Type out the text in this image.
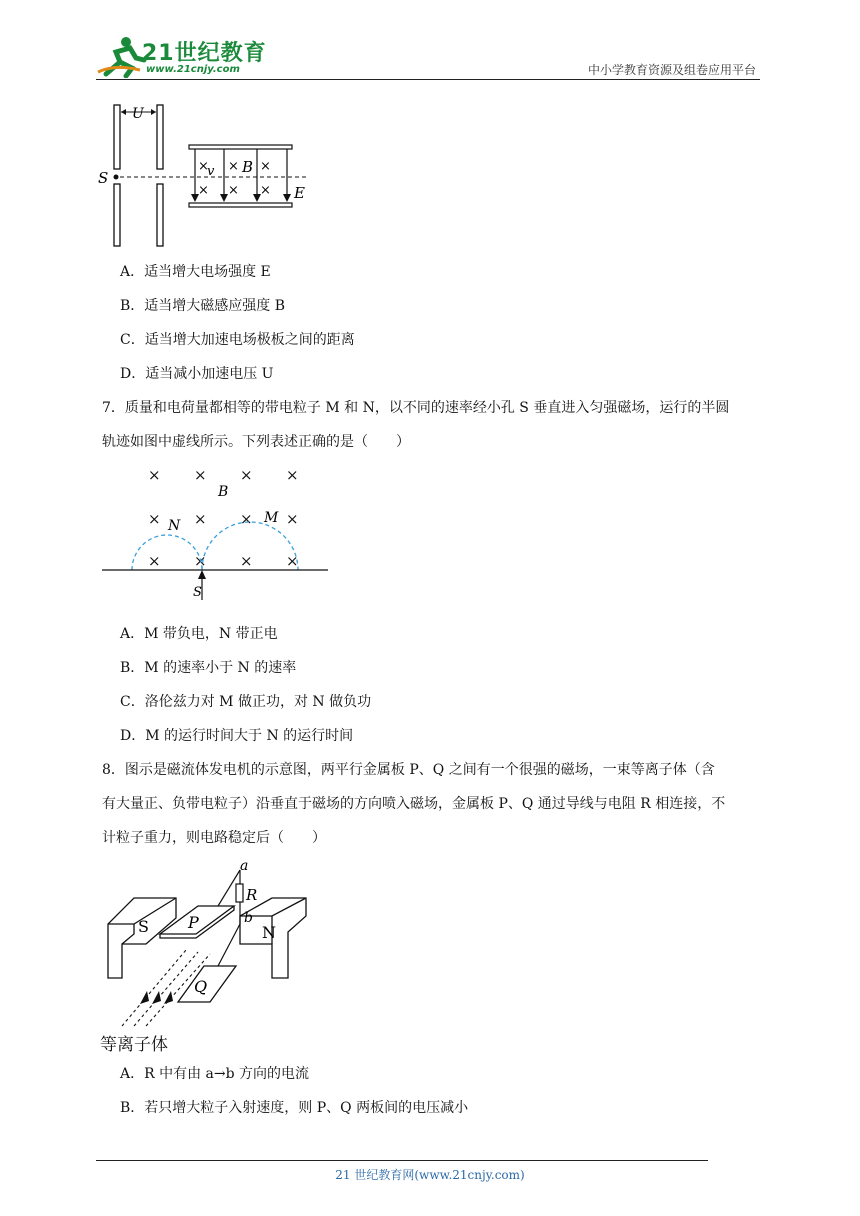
21世纪教育
www.21cnjy.com	中小学教育资源及组卷应用平台
U
S
× × ×
× × ×
v B
E
A．适当增大电场强度 E
B．适当增大磁感应强度 B
C．适当增大加速电场极板之间的距离
D．适当减小加速电压 U
7．质量和电荷量都相等的带电粒子 M 和 N，以不同的速率经小孔 S 垂直进入匀强磁场，运行的半圆
轨迹如图中虚线所示。下列表述正确的是（　　）
× × × ×
× × × ×
× × × ×
B
N	M
S
A．M 带负电，N 带正电
B．M 的速率小于 N 的速率
C．洛伦兹力对 M 做正功，对 N 做负功
D．M 的运行时间大于 N 的运行时间
8．图示是磁流体发电机的示意图，两平行金属板 P、Q 之间有一个很强的磁场，一束等离子体（含
有大量正、负带电粒子）沿垂直于磁场的方向喷入磁场，金属板 P、Q 通过导线与电阻 R 相连接，不
计粒子重力，则电路稳定后（　　）
a
R
b
S P
N
Q
等离子体
A．R 中有由 a→b 方向的电流
B．若只增大粒子入射速度，则 P、Q 两板间的电压减小
21 世纪教育网(www.21cnjy.com)
